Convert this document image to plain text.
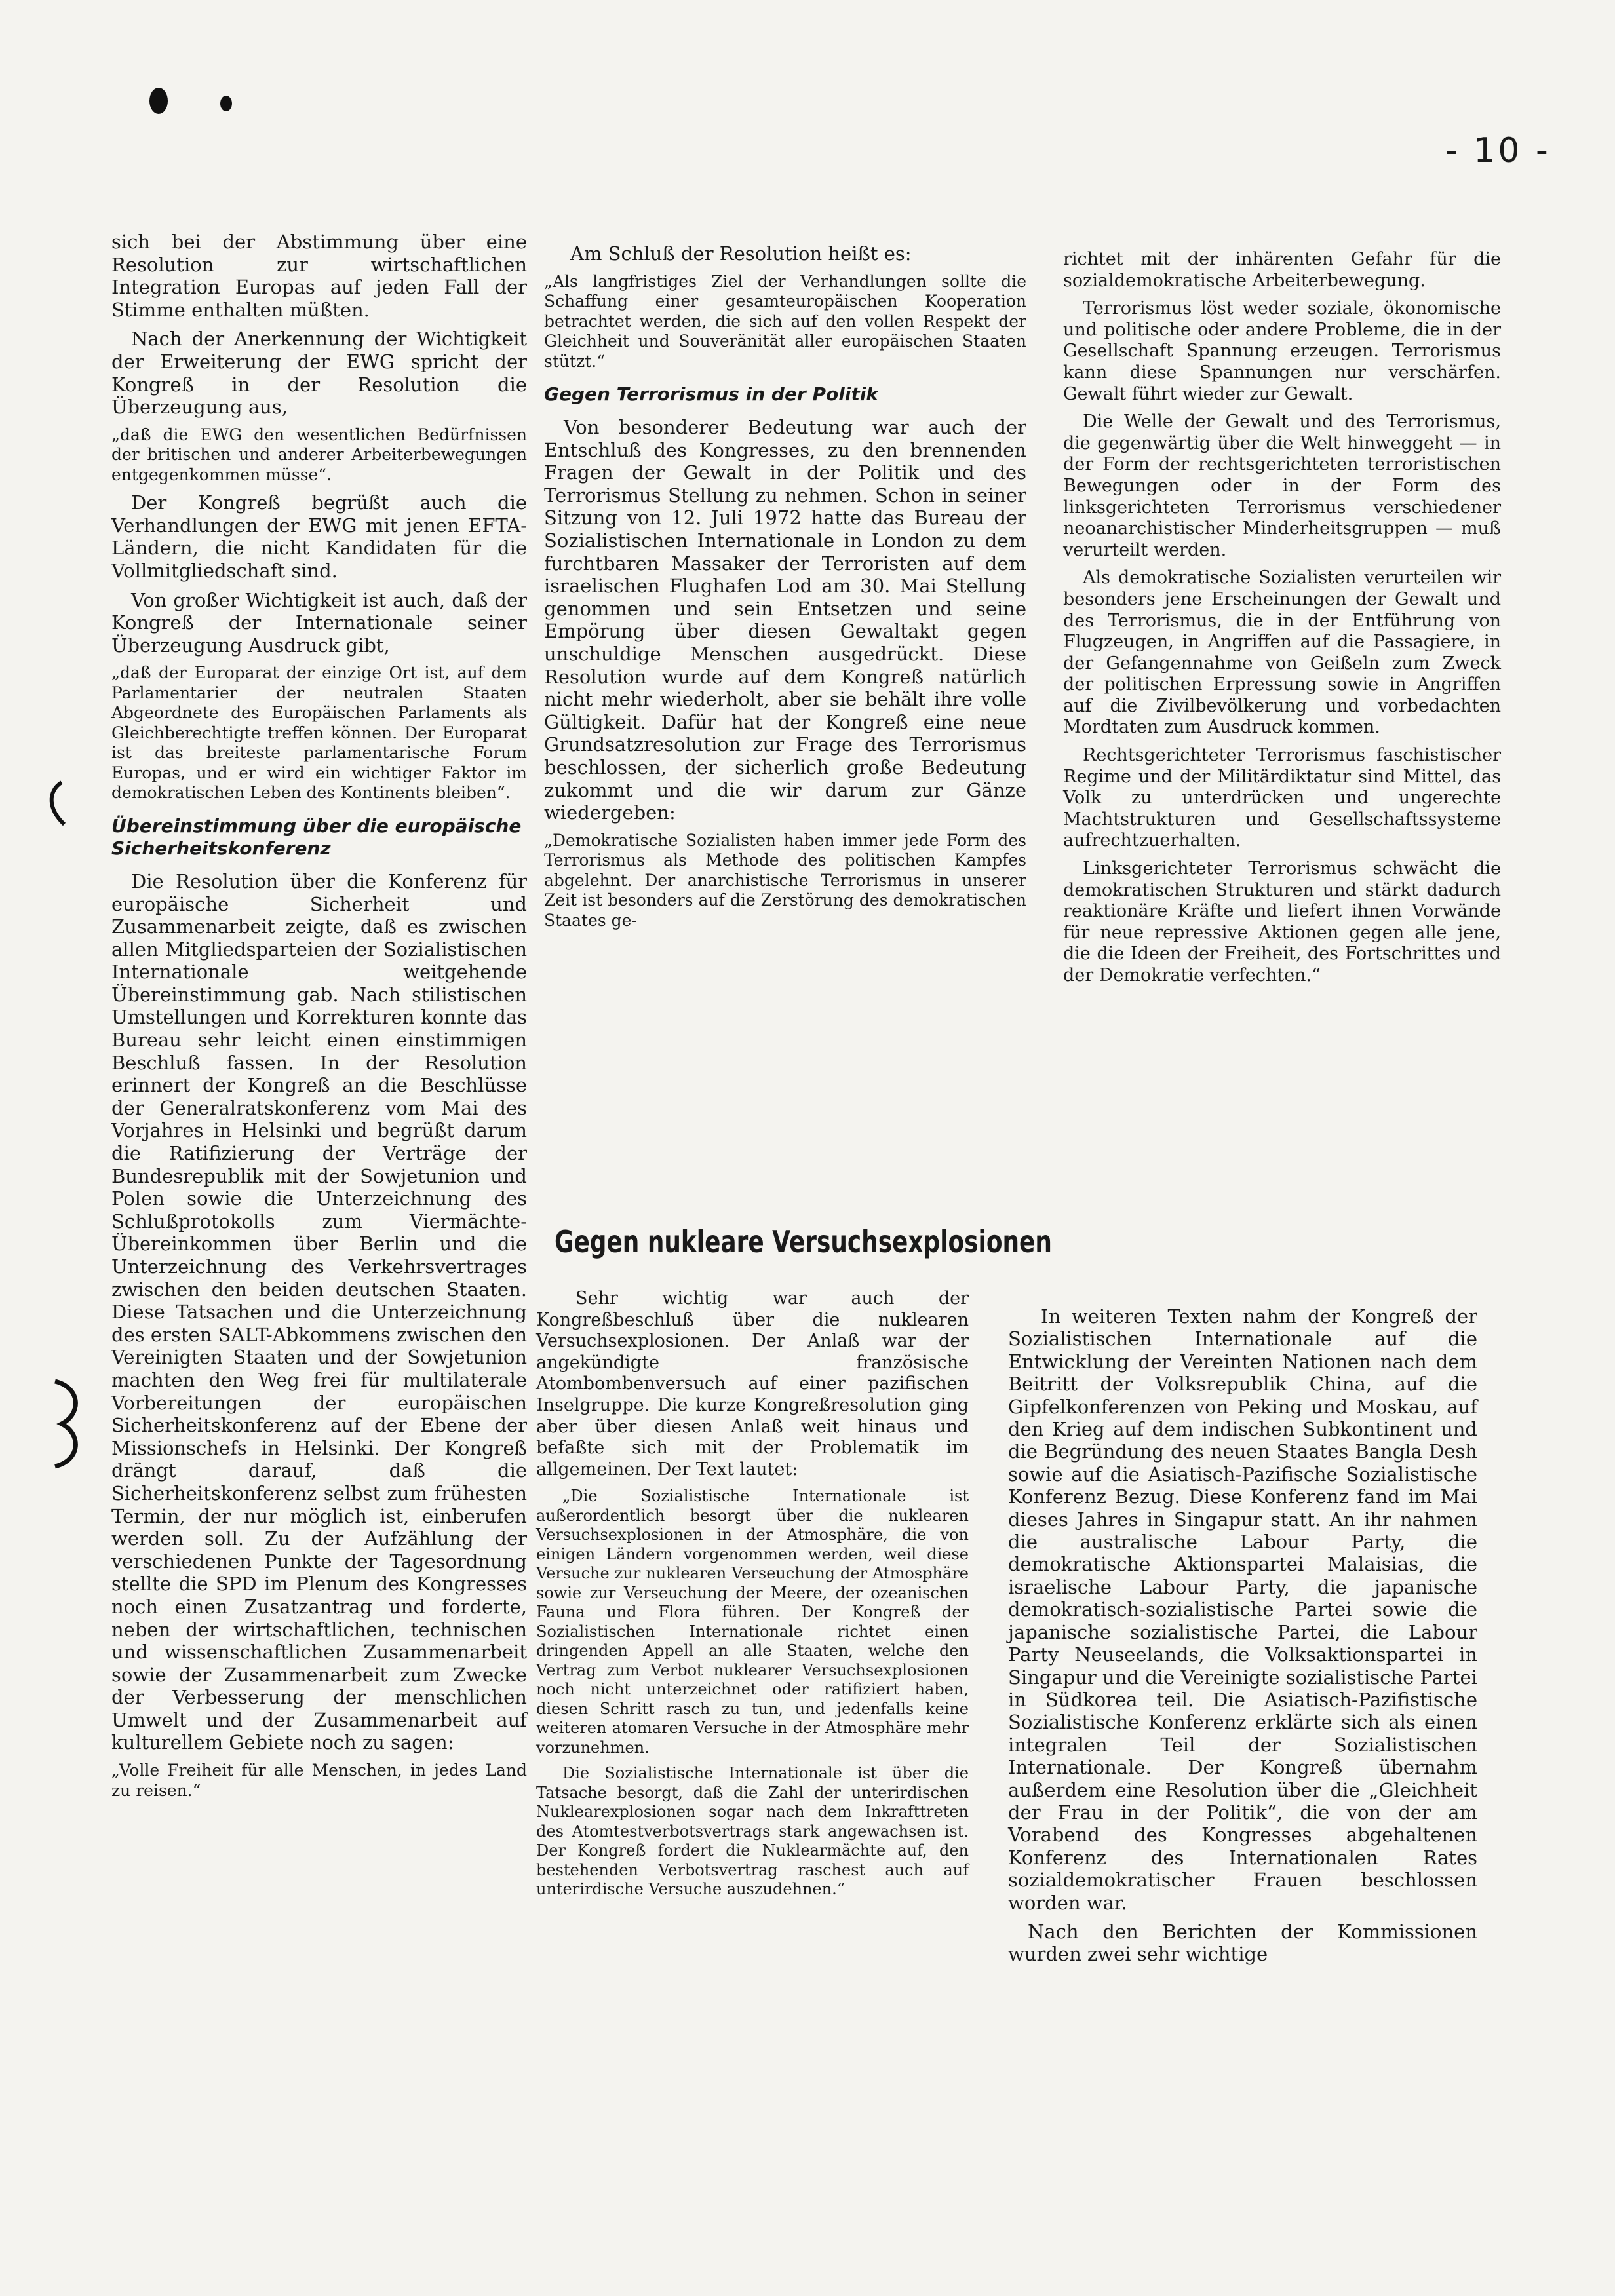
- 10 -

sich bei der Abstimmung über eine Resolution zur wirtschaftlichen Integration Europas auf jeden Fall der Stimme enthalten müßten.

Nach der Anerkennung der Wichtigkeit der Erweiterung der EWG spricht der Kongreß in der Resolution die Überzeugung aus,

„daß die EWG den wesentlichen Bedürfnissen der britischen und anderer Arbeiterbewegungen entgegenkommen müsse“.

Der Kongreß begrüßt auch die Verhandlungen der EWG mit jenen EFTA-Ländern, die nicht Kandidaten für die Vollmitgliedschaft sind.

Von großer Wichtigkeit ist auch, daß der Kongreß der Internationale seiner Überzeugung Ausdruck gibt,

„daß der Europarat der einzige Ort ist, auf dem Parlamentarier der neutralen Staaten Abgeordnete des Europäischen Parlaments als Gleichberechtigte treffen können. Der Europarat ist das breiteste parlamentarische Forum Europas, und er wird ein wichtiger Faktor im demokratischen Leben des Kontinents bleiben“.

Übereinstimmung über die europäische Sicherheitskonferenz

Die Resolution über die Konferenz für europäische Sicherheit und Zusammenarbeit zeigte, daß es zwischen allen Mitgliedsparteien der Sozialistischen Internationale weitgehende Übereinstimmung gab. Nach stilistischen Umstellungen und Korrekturen konnte das Bureau sehr leicht einen einstimmigen Beschluß fassen. In der Resolution erinnert der Kongreß an die Beschlüsse der Generalratskonferenz vom Mai des Vorjahres in Helsinki und begrüßt darum die Ratifizierung der Verträge der Bundesrepublik mit der Sowjetunion und Polen sowie die Unterzeichnung des Schlußprotokolls zum Viermächte-Übereinkommen über Berlin und die Unterzeichnung des Verkehrsvertrages zwischen den beiden deutschen Staaten. Diese Tatsachen und die Unterzeichnung des ersten SALT-Abkommens zwischen den Vereinigten Staaten und der Sowjetunion machten den Weg frei für multilaterale Vorbereitungen der europäischen Sicherheitskonferenz auf der Ebene der Missionschefs in Helsinki. Der Kongreß drängt darauf, daß die Sicherheitskonferenz selbst zum frühesten Termin, der nur möglich ist, einberufen werden soll. Zu der Aufzählung der verschiedenen Punkte der Tagesordnung stellte die SPD im Plenum des Kongresses noch einen Zusatzantrag und forderte, neben der wirtschaftlichen, technischen und wissenschaftlichen Zusammenarbeit sowie der Zusammenarbeit zum Zwecke der Verbesserung der menschlichen Umwelt und der Zusammenarbeit auf kulturellem Gebiete noch zu sagen:

„Volle Freiheit für alle Menschen, in jedes Land zu reisen.“

Am Schluß der Resolution heißt es:

„Als langfristiges Ziel der Verhandlungen sollte die Schaffung einer gesamteuropäischen Kooperation betrachtet werden, die sich auf den vollen Respekt der Gleichheit und Souveränität aller europäischen Staaten stützt.“

Gegen Terrorismus in der Politik

Von besonderer Bedeutung war auch der Entschluß des Kongresses, zu den brennenden Fragen der Gewalt in der Politik und des Terrorismus Stellung zu nehmen. Schon in seiner Sitzung von 12. Juli 1972 hatte das Bureau der Sozialistischen Internationale in London zu dem furchtbaren Massaker der Terroristen auf dem israelischen Flughafen Lod am 30. Mai Stellung genommen und sein Entsetzen und seine Empörung über diesen Gewaltakt gegen unschuldige Menschen ausgedrückt. Diese Resolution wurde auf dem Kongreß natürlich nicht mehr wiederholt, aber sie behält ihre volle Gültigkeit. Dafür hat der Kongreß eine neue Grundsatzresolution zur Frage des Terrorismus beschlossen, der sicherlich große Bedeutung zukommt und die wir darum zur Gänze wiedergeben:

„Demokratische Sozialisten haben immer jede Form des Terrorismus als Methode des politischen Kampfes abgelehnt. Der anarchistische Terrorismus in unserer Zeit ist besonders auf die Zerstörung des demokratischen Staates ge-

richtet mit der inhärenten Gefahr für die sozialdemokratische Arbeiterbewegung.

Terrorismus löst weder soziale, ökonomische und politische oder andere Probleme, die in der Gesellschaft Spannung erzeugen. Terrorismus kann diese Spannungen nur verschärfen. Gewalt führt wieder zur Gewalt.

Die Welle der Gewalt und des Terrorismus, die gegenwärtig über die Welt hinweggeht — in der Form der rechtsgerichteten terroristischen Bewegungen oder in der Form des linksgerichteten Terrorismus verschiedener neoanarchistischer Minderheitsgruppen — muß verurteilt werden.

Als demokratische Sozialisten verurteilen wir besonders jene Erscheinungen der Gewalt und des Terrorismus, die in der Entführung von Flugzeugen, in Angriffen auf die Passagiere, in der Gefangennahme von Geißeln zum Zweck der politischen Erpressung sowie in Angriffen auf die Zivilbevölkerung und vorbedachten Mordtaten zum Ausdruck kommen.

Rechtsgerichteter Terrorismus faschistischer Regime und der Militärdiktatur sind Mittel, das Volk zu unterdrücken und ungerechte Machtstrukturen und Gesellschaftssysteme aufrechtzuerhalten.

Linksgerichteter Terrorismus schwächt die demokratischen Strukturen und stärkt dadurch reaktionäre Kräfte und liefert ihnen Vorwände für neue repressive Aktionen gegen alle jene, die die Ideen der Freiheit, des Fortschrittes und der Demokratie verfechten.“

Gegen nukleare Versuchsexplosionen

Sehr wichtig war auch der Kongreßbeschluß über die nuklearen Versuchsexplosionen. Der Anlaß war der angekündigte französische Atombombenversuch auf einer pazifischen Inselgruppe. Die kurze Kongreßresolution ging aber über diesen Anlaß weit hinaus und befaßte sich mit der Problematik im allgemeinen. Der Text lautet:

„Die Sozialistische Internationale ist außerordentlich besorgt über die nuklearen Versuchsexplosionen in der Atmosphäre, die von einigen Ländern vorgenommen werden, weil diese Versuche zur nuklearen Verseuchung der Atmosphäre sowie zur Verseuchung der Meere, der ozeanischen Fauna und Flora führen. Der Kongreß der Sozialistischen Internationale richtet einen dringenden Appell an alle Staaten, welche den Vertrag zum Verbot nuklearer Versuchsexplosionen noch nicht unterzeichnet oder ratifiziert haben, diesen Schritt rasch zu tun, und jedenfalls keine weiteren atomaren Versuche in der Atmosphäre mehr vorzunehmen.

Die Sozialistische Internationale ist über die Tatsache besorgt, daß die Zahl der unterirdischen Nuklearexplosionen sogar nach dem Inkrafttreten des Atomtestverbotsvertrags stark angewachsen ist. Der Kongreß fordert die Nuklearmächte auf, den bestehenden Verbotsvertrag raschest auch auf unterirdische Versuche auszudehnen.“

In weiteren Texten nahm der Kongreß der Sozialistischen Internationale auf die Entwicklung der Vereinten Nationen nach dem Beitritt der Volksrepublik China, auf die Gipfelkonferenzen von Peking und Moskau, auf den Krieg auf dem indischen Subkontinent und die Begründung des neuen Staates Bangla Desh sowie auf die Asiatisch-Pazifische Sozialistische Konferenz Bezug. Diese Konferenz fand im Mai dieses Jahres in Singapur statt. An ihr nahmen die australische Labour Party, die demokratische Aktionspartei Malaisias, die israelische Labour Party, die japanische demokratisch-sozialistische Partei sowie die japanische sozialistische Partei, die Labour Party Neuseelands, die Volksaktionspartei in Singapur und die Vereinigte sozialistische Partei in Südkorea teil. Die Asiatisch-Pazifistische Sozialistische Konferenz erklärte sich als einen integralen Teil der Sozialistischen Internationale. Der Kongreß übernahm außerdem eine Resolution über die „Gleichheit der Frau in der Politik“, die von der am Vorabend des Kongresses abgehaltenen Konferenz des Internationalen Rates sozialdemokratischer Frauen beschlossen worden war.

Nach den Berichten der Kommissionen wurden zwei sehr wichtige
